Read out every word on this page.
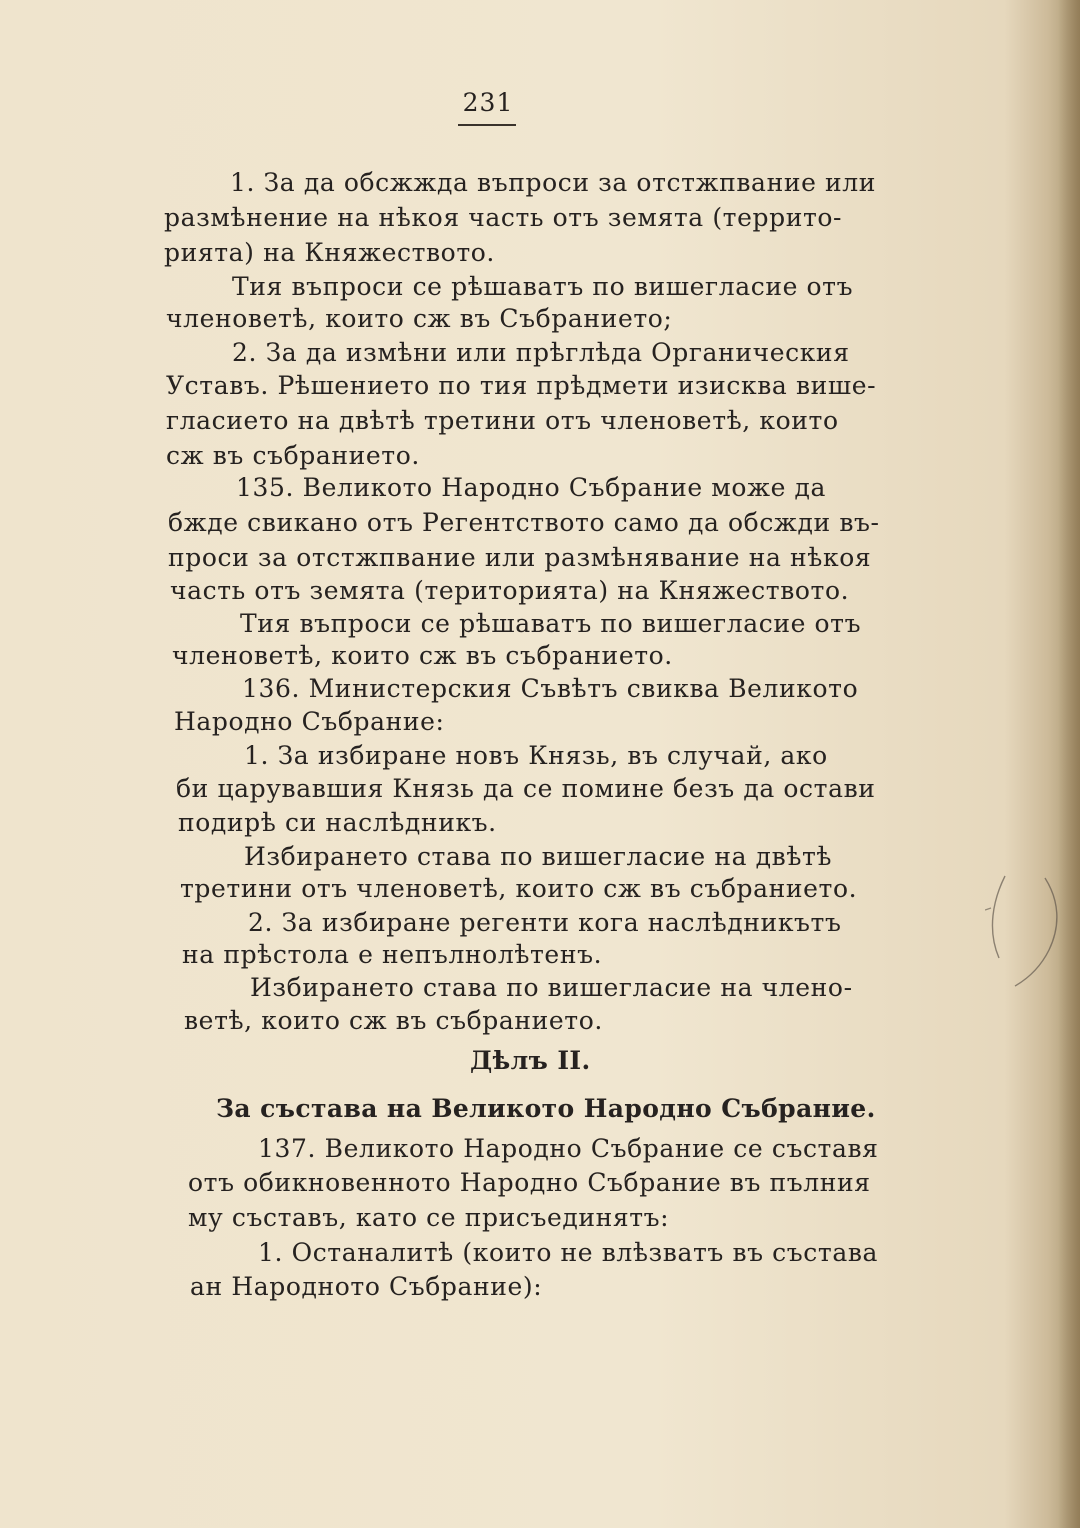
231
1. За да обсжжда въпроси за отстжпвание или
размѣнение на нѣкоя часть отъ земята (террито-
рията) на Княжеството.
Тия въпроси се рѣшаватъ по вишегласие отъ
членоветѣ, които сж въ Събранието;
2. За да измѣни или прѣглѣда Органическия
Уставъ. Рѣшението по тия прѣдмети изисква више-
гласието на двѣтѣ третини отъ членоветѣ, които
сж въ събранието.
135. Великото Народно Събрание може да
бжде свикано отъ Регентството само да обсжди въ-
проси за отстжпвание или размѣнявание на нѣкоя
часть отъ земята (територията) на Княжеството.
Тия въпроси се рѣшаватъ по вишегласие отъ
членоветѣ, които сж въ събранието.
136. Министерския Съвѣтъ свиква Великото
Народно Събрание:
1. За избиране новъ Князь, въ случай, ако
би царувавшия Князь да се помине безъ да остави
подирѣ си наслѣдникъ.
Избирането става по вишегласие на двѣтѣ
третини отъ членоветѣ, които сж въ събранието.
2. За избиране регенти кога наслѣдникътъ
на прѣстола е непълнолѣтенъ.
Избирането става по вишегласие на члено-
ветѣ, които сж въ събранието.
Дѣлъ II.
За състава на Великото Народно Събрание.
137. Великото Народно Събрание се съставя
отъ обикновенното Народно Събрание въ пълния
му съставъ, като се присъединятъ:
1. Останалитѣ (които не влѣзватъ въ състава
ан Народното Събрание):
